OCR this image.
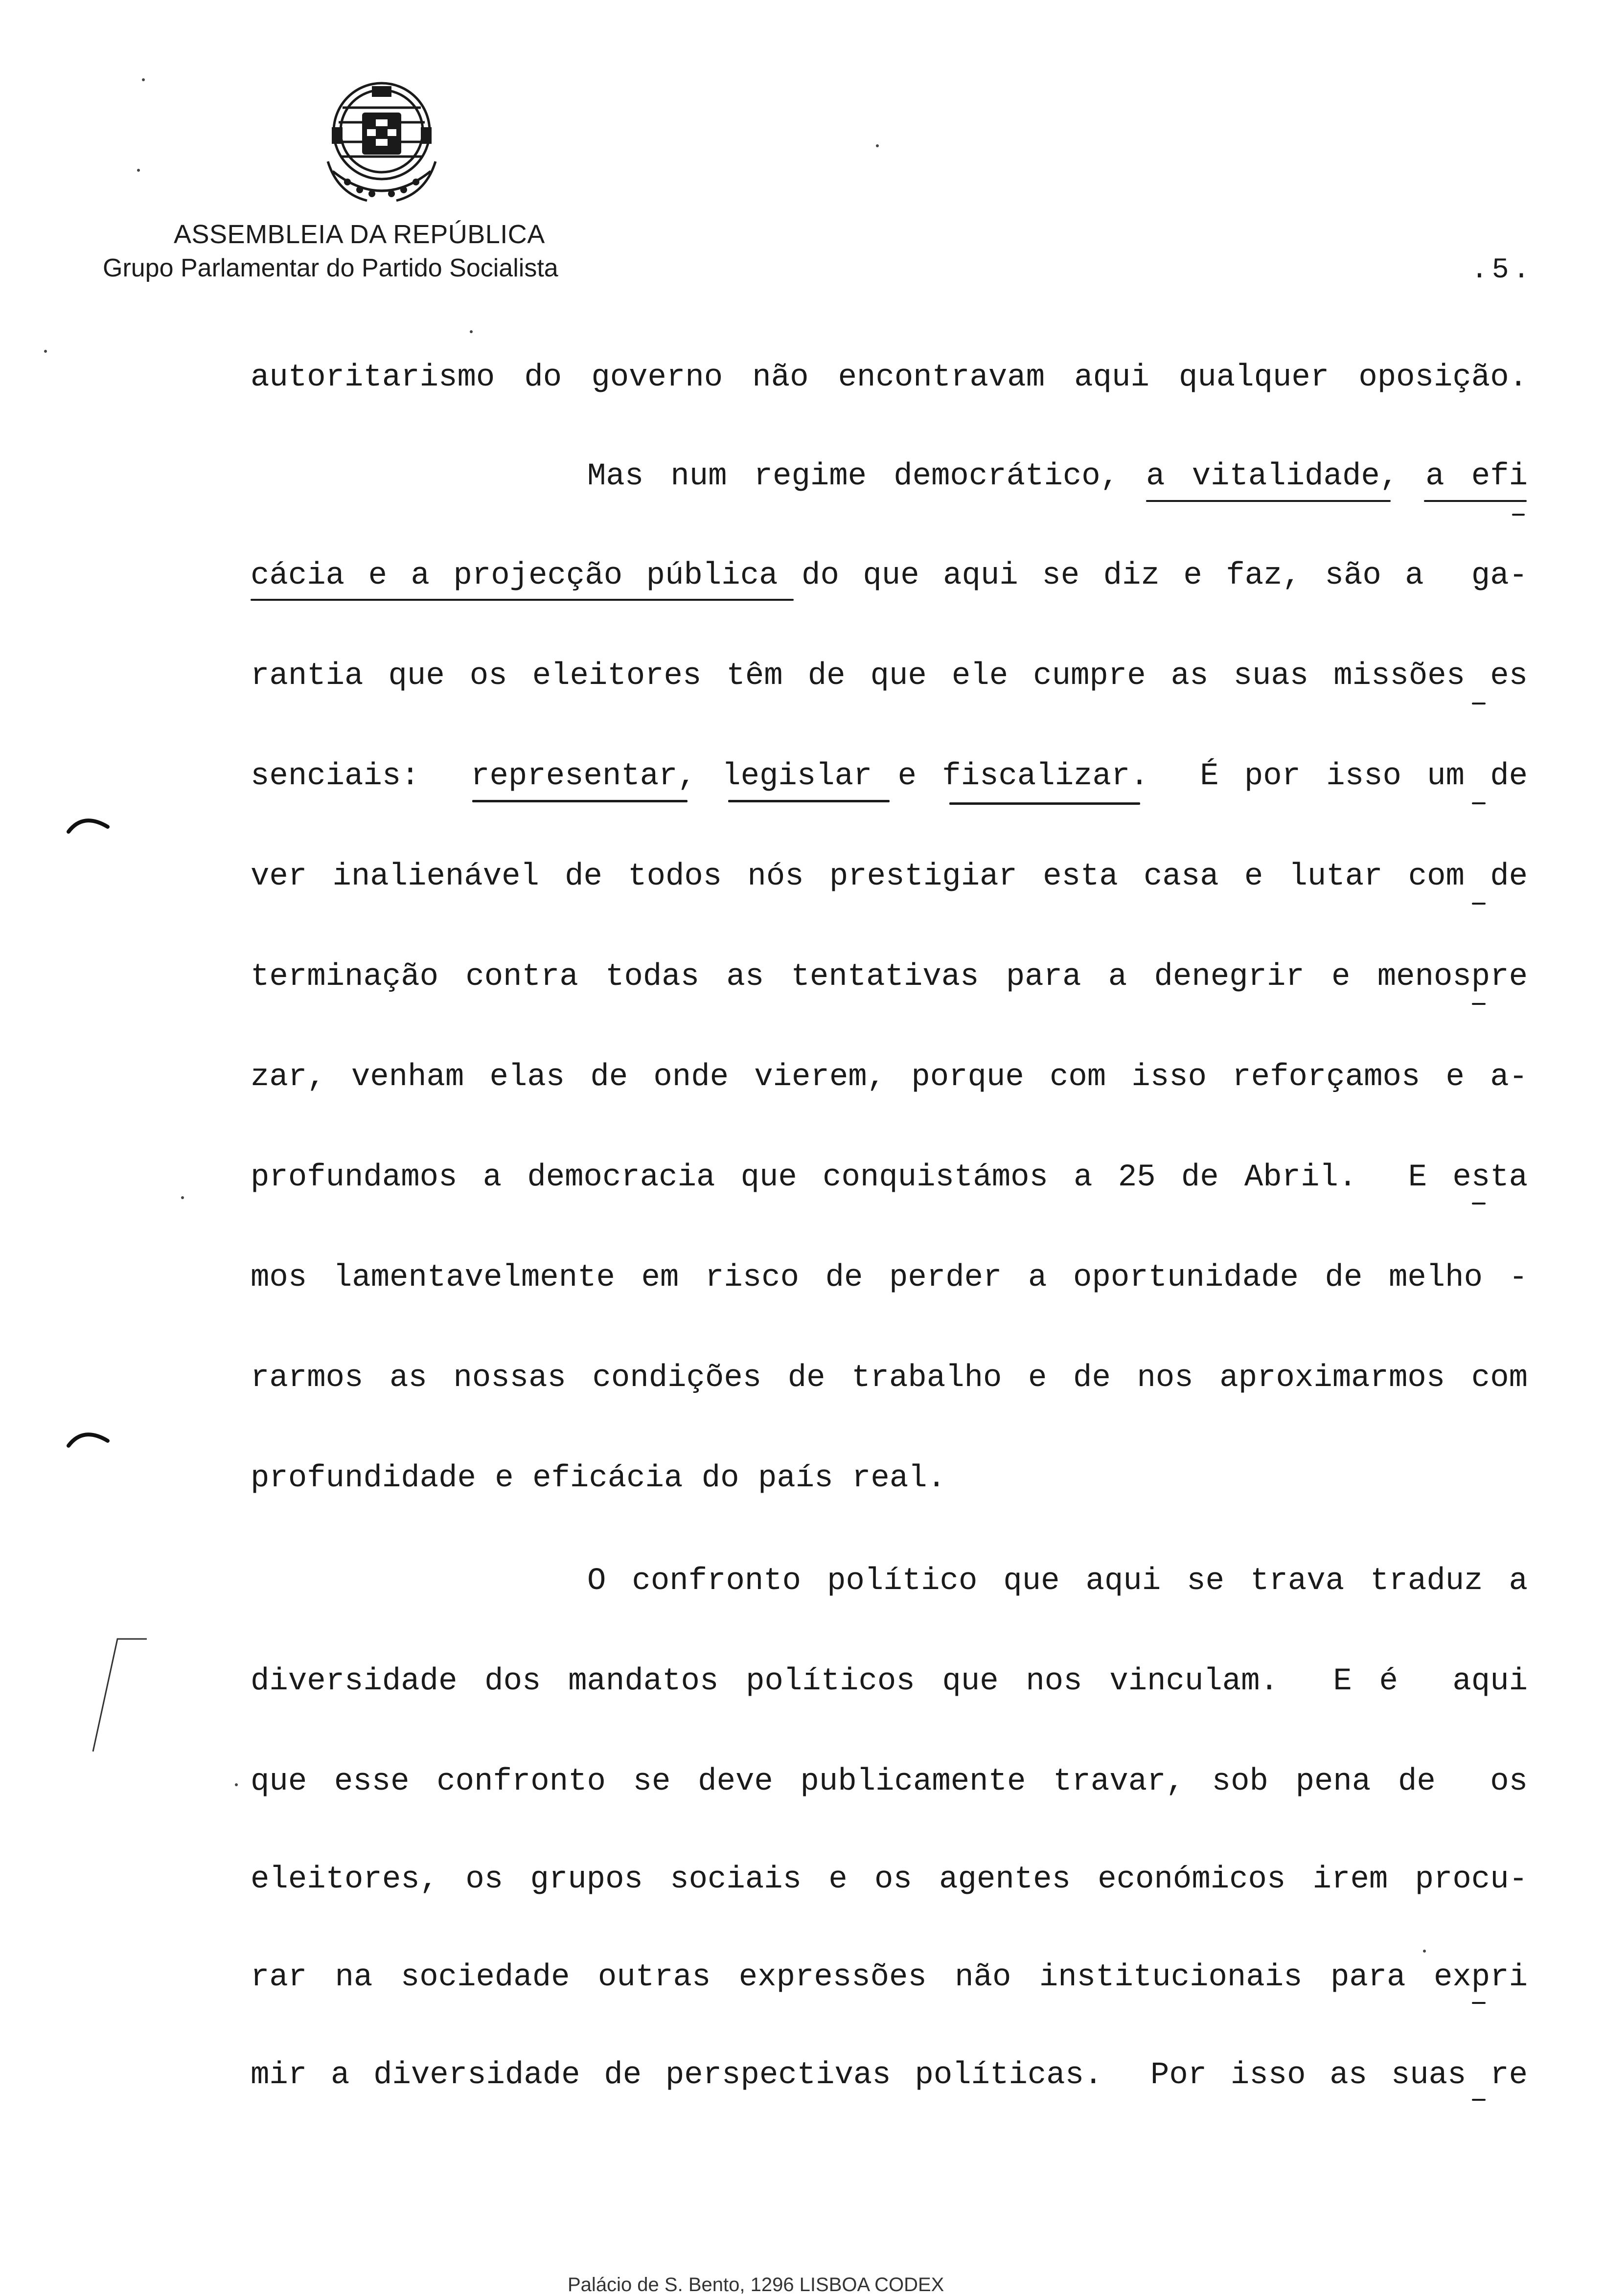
ASSEMBLEIA DA REPÚBLICA
Grupo Parlamentar do Partido Socialista	.5.
autoritarismo do governo não encontravam aqui qualquer oposição.
Mas num regime democrático, a vitalidade, a efi
cácia e a projecção pública do que aqui se diz e faz, são a  ga-
rantia que os eleitores têm de que ele cumpre as suas missões es
senciais:  representar, legislar e fiscalizar.  É por isso um de
ver inalienável de todos nós prestigiar esta casa e lutar com de
terminação contra todas as tentativas para a denegrir e menospre
zar, venham elas de onde vierem, porque com isso reforçamos e a-
profundamos a democracia que conquistámos a 25 de Abril.  E esta
mos lamentavelmente em risco de perder a oportunidade de melho -
rarmos as nossas condições de trabalho e de nos aproximarmos com
profundidade e eficácia do país real.
O confronto político que aqui se trava traduz a
diversidade dos mandatos políticos que nos vinculam.  E é  aqui
que esse confronto se deve publicamente travar, sob pena de  os
eleitores, os grupos sociais e os agentes económicos irem procu-
rar na sociedade outras expressões não institucionais para expri
mir a diversidade de perspectivas políticas.  Por isso as suas re
Palácio de S. Bento, 1296 LISBOA CODEX
